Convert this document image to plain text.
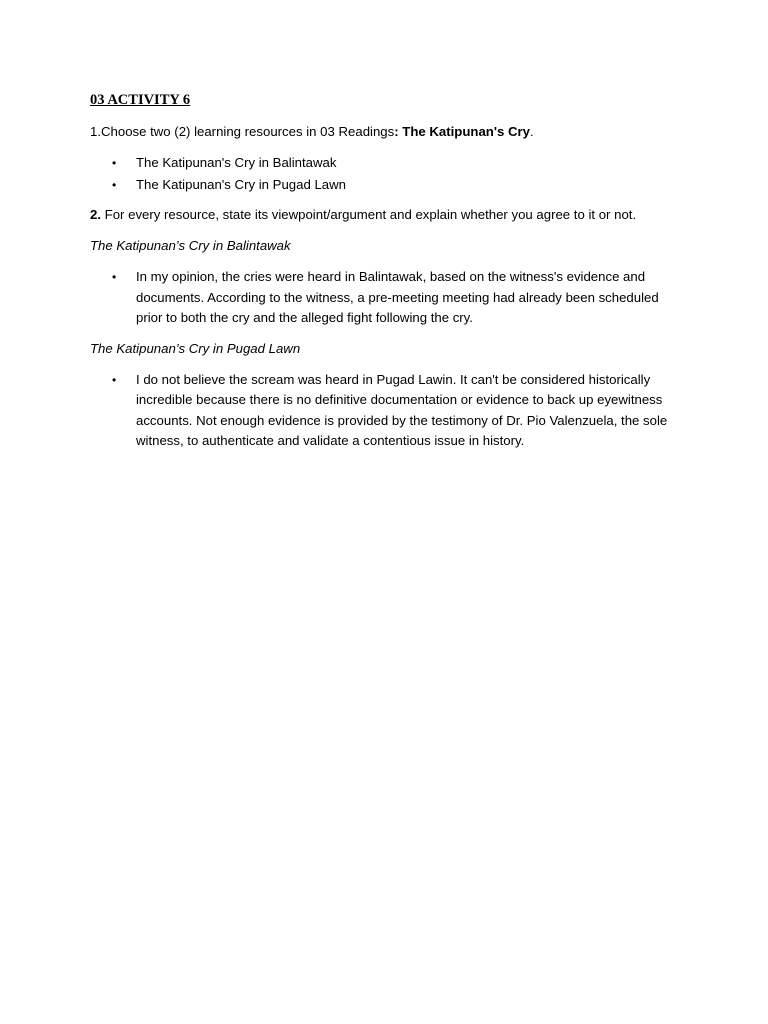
03 ACTIVITY 6
1.Choose two (2) learning resources in 03 Readings: The Katipunan's Cry.
• The Katipunan's Cry in Balintawak
• The Katipunan's Cry in Pugad Lawn
2. For every resource, state its viewpoint/argument and explain whether you agree to it or not.
The Katipunan’s Cry in Balintawak
• In my opinion, the cries were heard in Balintawak, based on the witness's evidence and documents. According to the witness, a pre-meeting meeting had already been scheduled prior to both the cry and the alleged fight following the cry.
The Katipunan’s Cry in Pugad Lawn
• I do not believe the scream was heard in Pugad Lawin. It can't be considered historically incredible because there is no definitive documentation or evidence to back up eyewitness accounts. Not enough evidence is provided by the testimony of Dr. Pio Valenzuela, the sole witness, to authenticate and validate a contentious issue in history.
